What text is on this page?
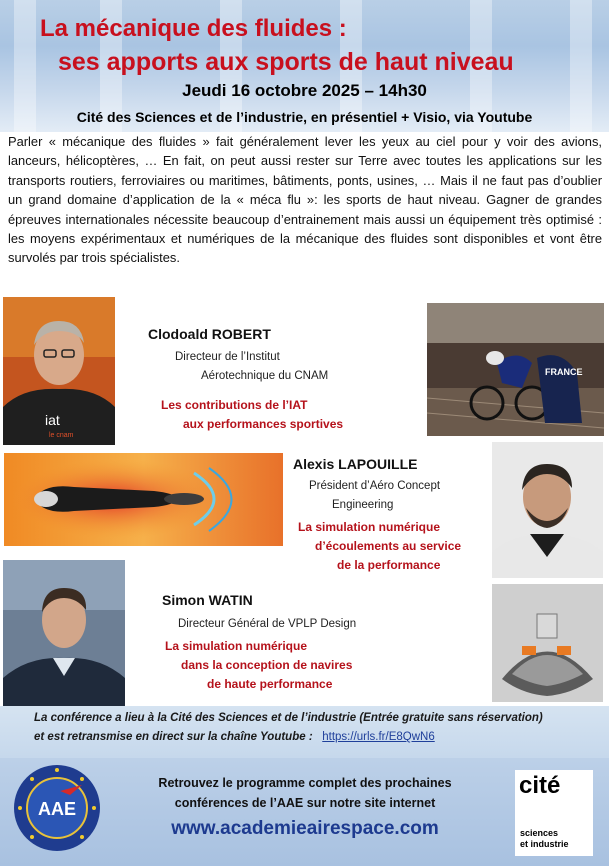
La mécanique des fluides :
ses apports aux sports de haut niveau
Jeudi 16 octobre 2025 – 14h30
Cité des Sciences et de l’industrie, en présentiel + Visio, via Youtube
Parler « mécanique des fluides » fait généralement lever les yeux au ciel pour y voir des avions, lanceurs, hélicoptères, … En fait, on peut aussi rester sur Terre avec toutes les applications sur les transports routiers, ferroviaires ou maritimes, bâtiments, ponts, usines, … Mais il ne faut pas d’oublier un grand domaine d’application de la « méca flu »: les sports de haut niveau. Gagner de grandes épreuves internationales nécessite beaucoup d’entrainement mais aussi un équipement très optimisé : les moyens expérimentaux et numériques de la mécanique des fluides sont disponibles et vont être survolés par trois spécialistes.
iat
le cnam
Clodoald ROBERT
Directeur de l’Institut
Aérotechnique du CNAM
Les contributions de l’IAT
aux performances sportives
FRANCE
Alexis LAPOUILLE
Président d’Aéro Concept
Engineering
La simulation numérique
d’écoulements au service
de la performance
Simon WATIN
Directeur Général de VPLP Design
La simulation numérique
dans la conception de navires
de haute performance
La conférence a lieu à la Cité des Sciences et de l’industrie (Entrée gratuite sans réservation)
et est retransmise en direct sur la chaîne Youtube : https://urls.fr/E8QwN6
AAE
Retrouvez le programme complet des prochaines
conférences de l’AAE sur notre site internet
www.academieairespace.com
cité
sciences
et industrie
